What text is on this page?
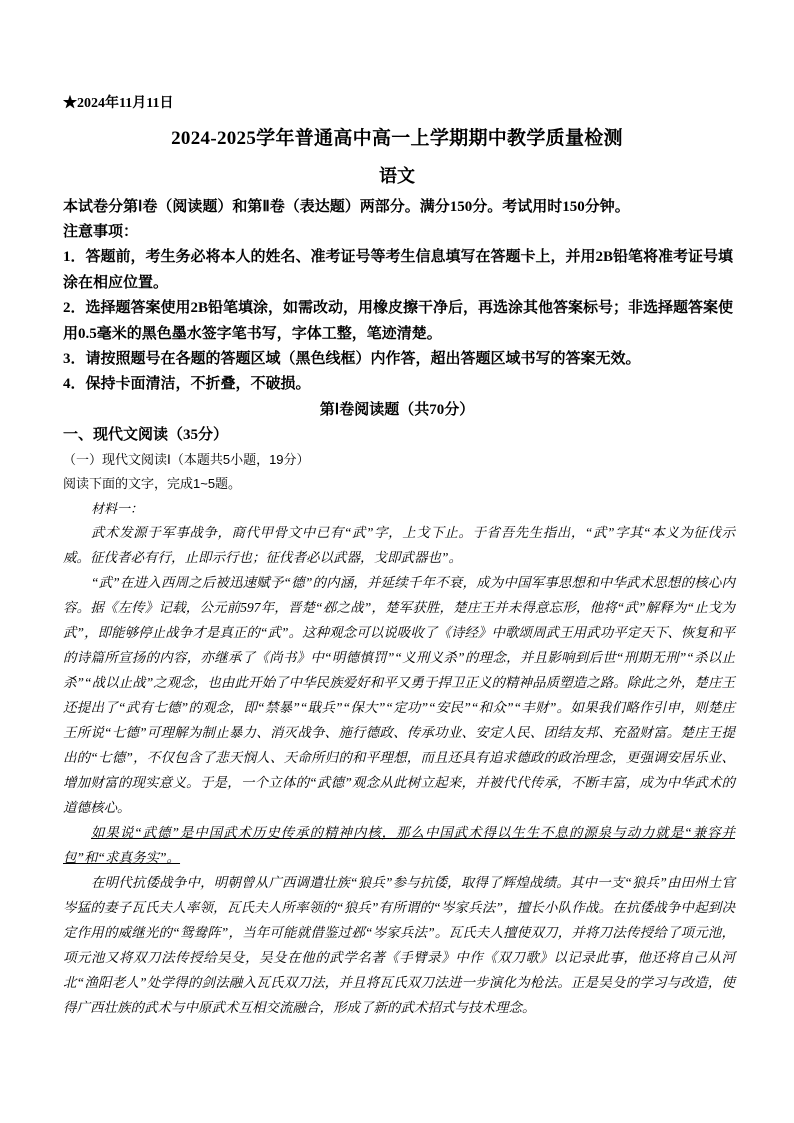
★2024年11月11日
2024-2025学年普通高中高一上学期期中教学质量检测
语文
本试卷分第Ⅰ卷（阅读题）和第Ⅱ卷（表达题）两部分。满分150分。考试用时150分钟。
注意事项：
1．答题前，考生务必将本人的姓名、准考证号等考生信息填写在答题卡上，并用2B铅笔将准考证号填涂在相应位置。
2．选择题答案使用2B铅笔填涂，如需改动，用橡皮擦干净后，再选涂其他答案标号；非选择题答案使用0.5毫米的黑色墨水签字笔书写，字体工整，笔迹清楚。
3．请按照题号在各题的答题区域（黑色线框）内作答，超出答题区域书写的答案无效。
4．保持卡面清洁，不折叠，不破损。
第Ⅰ卷阅读题（共70分）
一、现代文阅读（35分）
（一）现代文阅读Ⅰ（本题共5小题，19分）
阅读下面的文字，完成1~5题。
材料一：
武术发源于军事战争，商代甲骨文中已有“武”字，上戈下止。于省吾先生指出，“武”字其“本义为征伐示威。征伐者必有行，止即示行也；征伐者必以武器，戈即武器也”。
“武”在进入西周之后被迅速赋予“德”的内涵，并延续千年不衰，成为中国军事思想和中华武术思想的核心内容。据《左传》记载，公元前597年，晋楚“邲之战”，楚军获胜，楚庄王并未得意忘形，他将“武”解释为“止戈为武”，即能够停止战争才是真正的“武”。这种观念可以说吸收了《诗经》中歌颂周武王用武功平定天下、恢复和平的诗篇所宣扬的内容，亦继承了《尚书》中“明德慎罚”“义刑义杀”的理念，并且影响到后世“刑期无刑”“杀以止杀”“战以止战”之观念，也由此开始了中华民族爱好和平又勇于捍卫正义的精神品质塑造之路。除此之外，楚庄王还提出了“武有七德”的观念，即“禁暴”“戢兵”“保大”“定功”“安民”“和众”“丰财”。如果我们略作引申，则楚庄王所说“七德”可理解为制止暴力、消灭战争、施行德政、传承功业、安定人民、团结友邦、充盈财富。楚庄王提出的“七德”，不仅包含了悲天悯人、天命所归的和平理想，而且还具有追求德政的政治理念，更强调安居乐业、增加财富的现实意义。于是，一个立体的“武德”观念从此树立起来，并被代代传承，不断丰富，成为中华武术的道德核心。
如果说“武德”是中国武术历史传承的精神内核，那么中国武术得以生生不息的源泉与动力就是“兼容并包”和“求真务实”。
在明代抗倭战争中，明朝曾从广西调遣壮族“狼兵”参与抗倭，取得了辉煌战绩。其中一支“狼兵”由田州土官岑猛的妻子瓦氏夫人率领，瓦氏夫人所率领的“狼兵”有所谓的“岑家兵法”，擅长小队作战。在抗倭战争中起到决定作用的威继光的“鸳鸯阵”，当年可能就借鉴过邲“岑家兵法”。瓦氏夫人擅使双刀，并将刀法传授给了项元池，项元池又将双刀法传授给吴殳，吴殳在他的武学名著《手臂录》中作《双刀歌》以记录此事，他还将自己从河北“渔阳老人”处学得的剑法融入瓦氏双刀法，并且将瓦氏双刀法进一步演化为枪法。正是吴殳的学习与改造，使得广西壮族的武术与中原武术互相交流融合，形成了新的武术招式与技术理念。
